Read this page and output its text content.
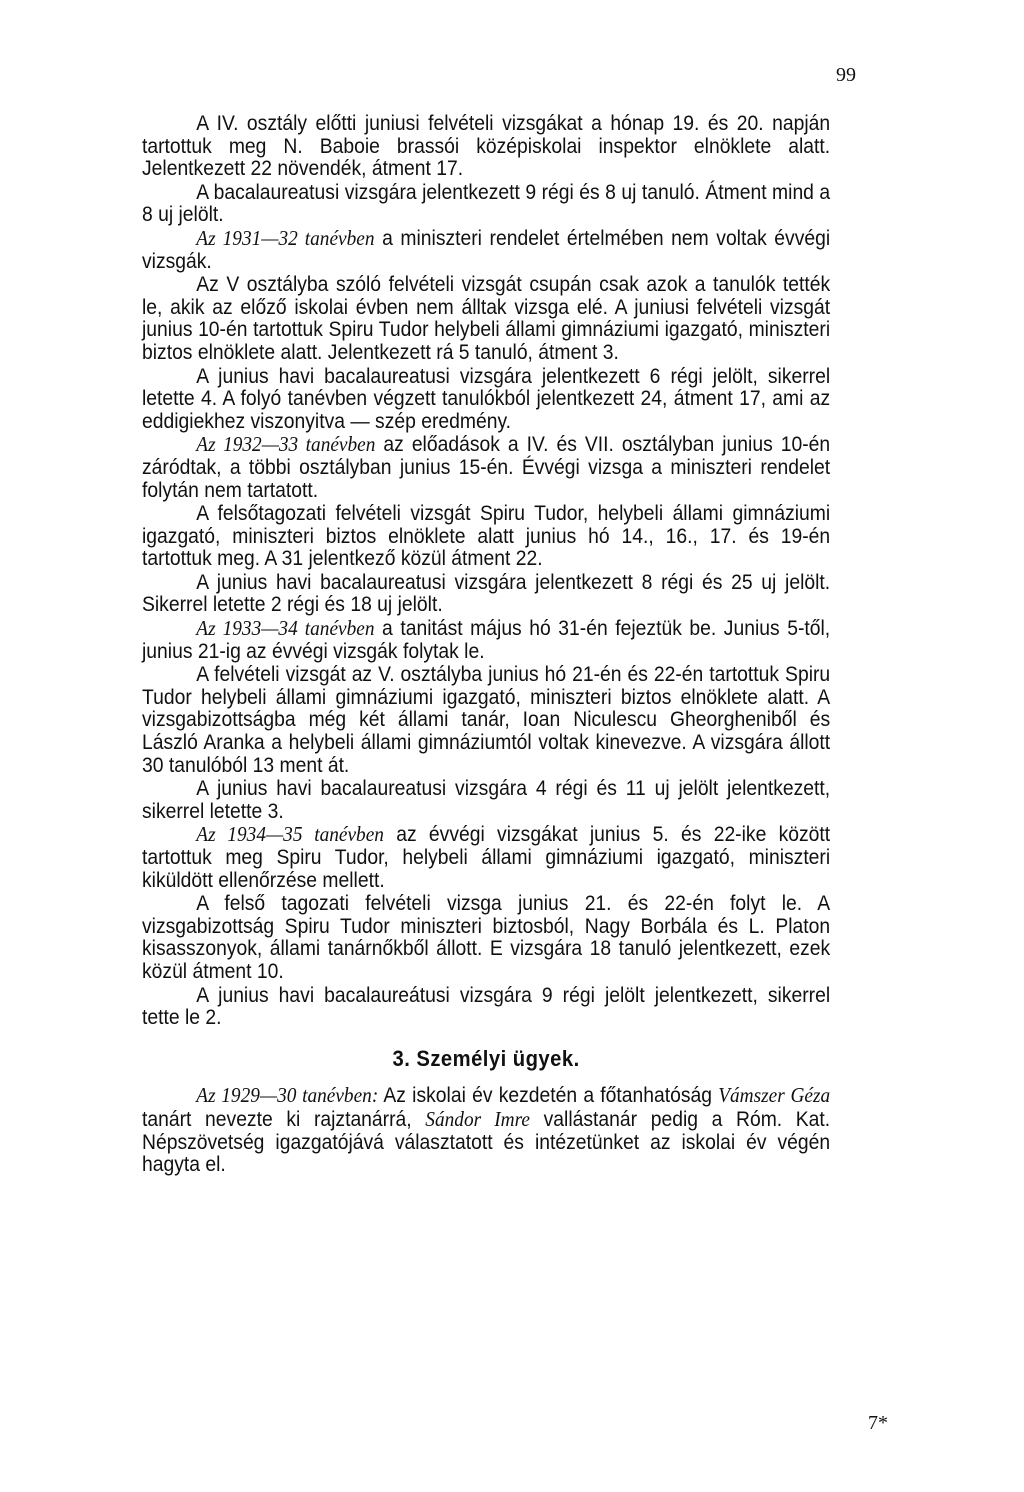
99

A IV. osztály előtti juniusi felvételi vizsgákat a hónap 19. és 20. napján tartottuk meg N. Baboie brassói középiskolai inspektor elnöklete alatt. Jelentkezett 22 növendék, átment 17.

A bacalaureatusi vizsgára jelentkezett 9 régi és 8 uj tanuló. Átment mind a 8 uj jelölt.

Az 1931—32 tanévben a miniszteri rendelet értelmében nem voltak évvégi vizsgák.

Az V osztályba szóló felvételi vizsgát csupán csak azok a tanulók tették le, akik az előző iskolai évben nem álltak vizsga elé. A juniusi felvételi vizsgát junius 10-én tartottuk Spiru Tudor helybeli állami gimnáziumi igazgató, miniszteri biztos elnöklete alatt. Jelentkezett rá 5 tanuló, átment 3.

A junius havi bacalaureatusi vizsgára jelentkezett 6 régi jelölt, sikerrel letette 4. A folyó tanévben végzett tanulókból jelentkezett 24, átment 17, ami az eddigiekhez viszonyitva — szép eredmény.

Az 1932—33 tanévben az előadások a IV. és VII. osztályban junius 10-én záródtak, a többi osztályban junius 15-én. Évvégi vizsga a miniszteri rendelet folytán nem tartatott.

A felsőtagozati felvételi vizsgát Spiru Tudor, helybeli állami gimnáziumi igazgató, miniszteri biztos elnöklete alatt junius hó 14., 16., 17. és 19-én tartottuk meg. A 31 jelentkező közül átment 22.

A junius havi bacalaureatusi vizsgára jelentkezett 8 régi és 25 uj jelölt. Sikerrel letette 2 régi és 18 uj jelölt.

Az 1933—34 tanévben a tanitást május hó 31-én fejeztük be. Junius 5-től, junius 21-ig az évvégi vizsgák folytak le.

A felvételi vizsgát az V. osztályba junius hó 21-én és 22-én tartottuk Spiru Tudor helybeli állami gimnáziumi igazgató, miniszteri biztos elnöklete alatt. A vizsgabizottságba még két állami tanár, Ioan Niculescu Gheorgheniből és László Aranka a helybeli állami gimnáziumtól voltak kinevezve. A vizsgára állott 30 tanulóból 13 ment át.

A junius havi bacalaureatusi vizsgára 4 régi és 11 uj jelölt jelentkezett, sikerrel letette 3.

Az 1934—35 tanévben az évvégi vizsgákat junius 5. és 22-ike között tartottuk meg Spiru Tudor, helybeli állami gimnáziumi igazgató, miniszteri kiküldött ellenőrzése mellett.

A felső tagozati felvételi vizsga junius 21. és 22-én folyt le. A vizsgabizottság Spiru Tudor miniszteri biztosból, Nagy Borbála és L. Platon kisasszonyok, állami tanárnőkből állott. E vizsgára 18 tanuló jelentkezett, ezek közül átment 10.

A junius havi bacalaureátusi vizsgára 9 régi jelölt jelentkezett, sikerrel tette le 2.

3. Személyi ügyek.

Az 1929—30 tanévben: Az iskolai év kezdetén a főtanhatóság Vámszer Géza tanárt nevezte ki rajztanárrá, Sándor Imre vallástanár pedig a Róm. Kat. Népszövetség igazgatójává választatott és intézetünket az iskolai év végén hagyta el.

7*
